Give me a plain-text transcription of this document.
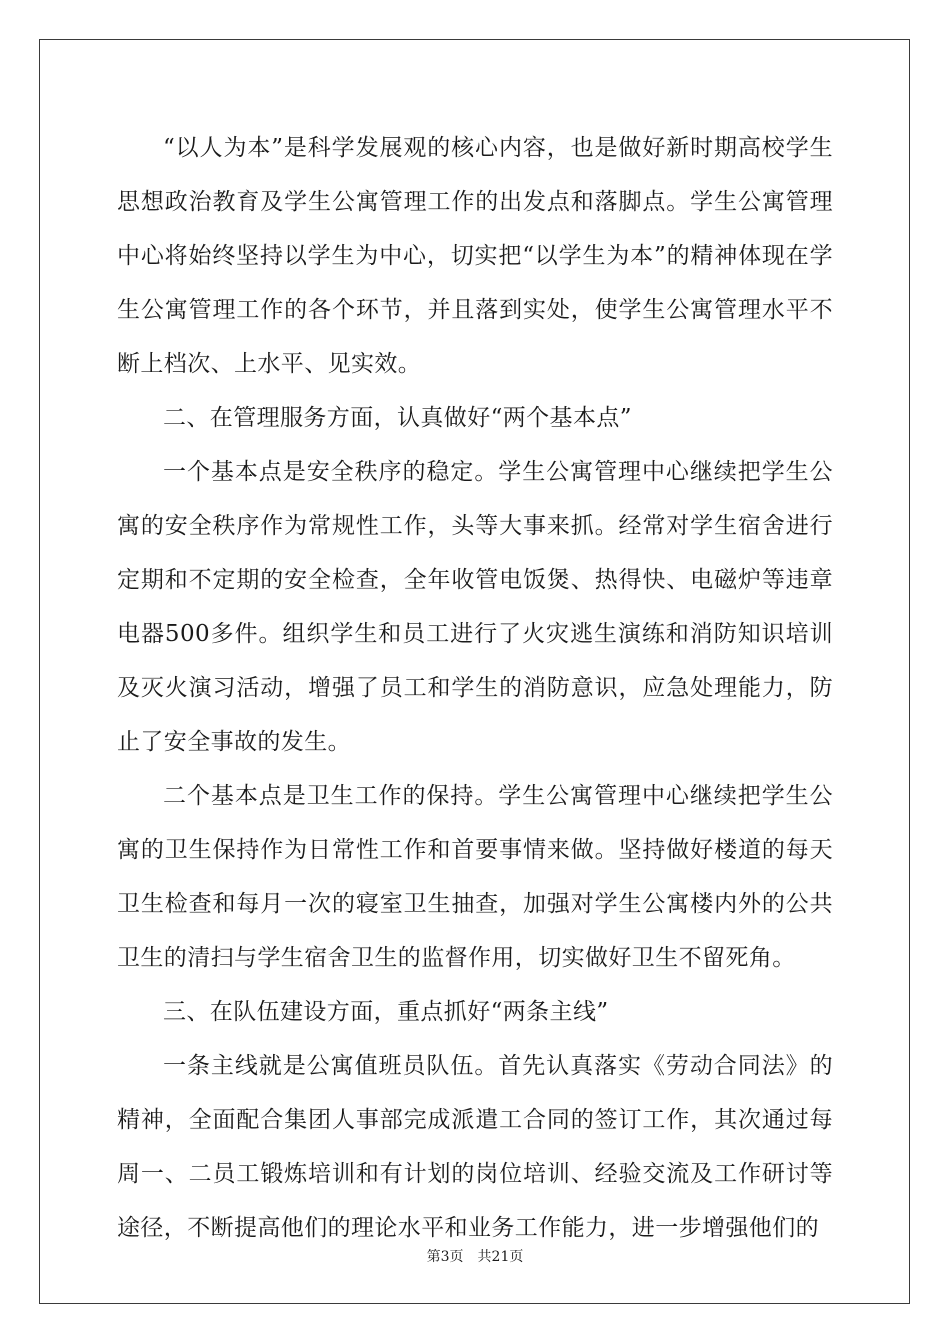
“以人为本”是科学发展观的核心内容，也是做好新时期高校学生思想政治教育及学生公寓管理工作的出发点和落脚点。学生公寓管理中心将始终坚持以学生为中心，切实把“以学生为本”的精神体现在学生公寓管理工作的各个环节，并且落到实处，使学生公寓管理水平不断上档次、上水平、见实效。

二、在管理服务方面，认真做好“两个基本点”

一个基本点是安全秩序的稳定。学生公寓管理中心继续把学生公寓的安全秩序作为常规性工作，头等大事来抓。经常对学生宿舍进行定期和不定期的安全检查，全年收管电饭煲、热得快、电磁炉等违章电器500多件。组织学生和员工进行了火灾逃生演练和消防知识培训及灭火演习活动，增强了员工和学生的消防意识，应急处理能力，防止了安全事故的发生。

二个基本点是卫生工作的保持。学生公寓管理中心继续把学生公寓的卫生保持作为日常性工作和首要事情来做。坚持做好楼道的每天卫生检查和每月一次的寝室卫生抽查，加强对学生公寓楼内外的公共卫生的清扫与学生宿舍卫生的监督作用，切实做好卫生不留死角。

三、在队伍建设方面，重点抓好“两条主线”

一条主线就是公寓值班员队伍。首先认真落实《劳动合同法》的精神，全面配合集团人事部完成派遣工合同的签订工作，其次通过每周一、二员工锻炼培训和有计划的岗位培训、经验交流及工作研讨等途径，不断提高他们的理论水平和业务工作能力，进一步增强他们的

第3页 共21页
